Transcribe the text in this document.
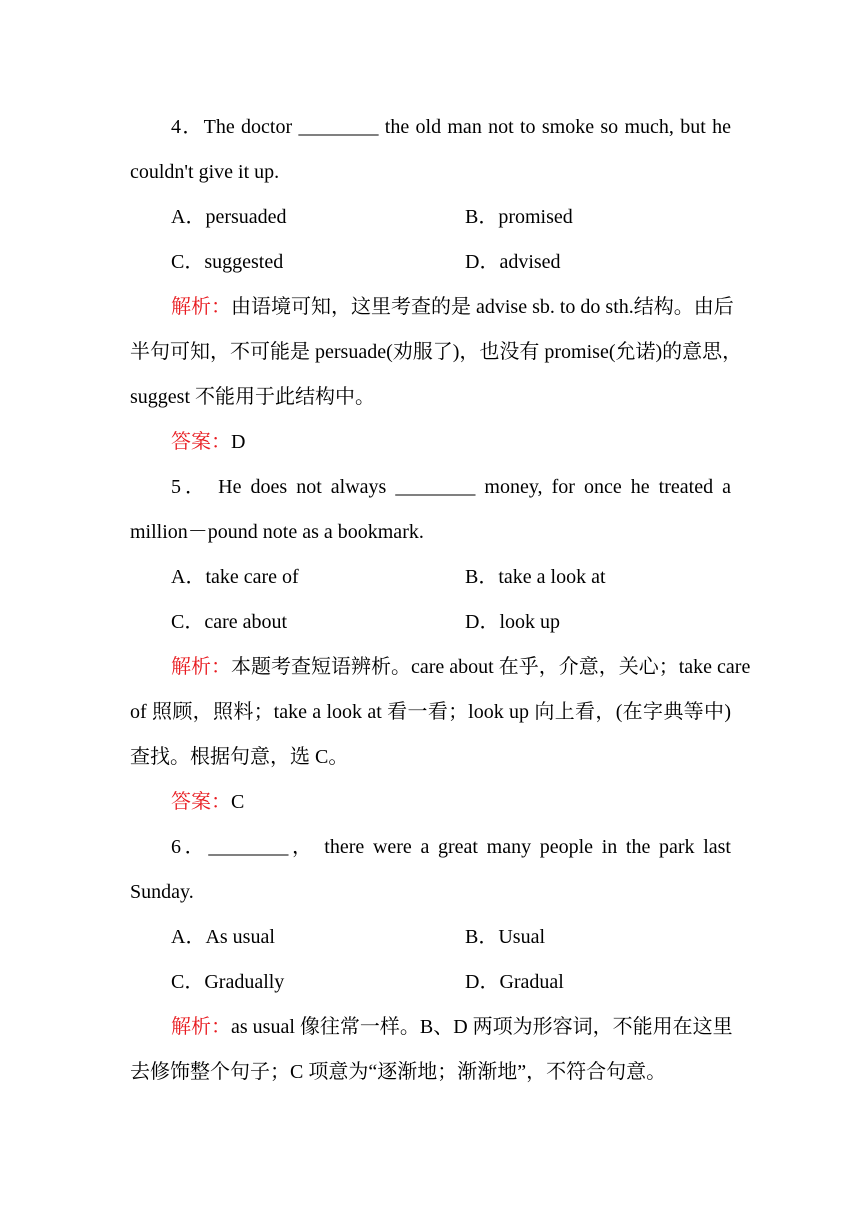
4．The doctor ________ the old man not to smoke so much, but he
couldn't give it up.
A．persuaded	B．promised
C．suggested	D．advised
解析：由语境可知，这里考查的是 advise sb. to do sth.结构。由后
半句可知，不可能是 persuade(劝服了)，也没有 promise(允诺)的意思，
suggest 不能用于此结构中。
答案：D
5． He does not always ________ money, for once he treated a
million－pound note as a bookmark.
A．take care of	B．take a look at
C．care about	D．look up
解析：本题考查短语辨析。care about 在乎，介意，关心；take care
of 照顾，照料；take a look at 看一看；look up 向上看，(在字典等中)
查找。根据句意，选 C。
答案：C
6．________， there were a great many people in the park last
Sunday.
A．As usual	B．Usual
C．Gradually	D．Gradual
解析：as usual 像往常一样。B、D 两项为形容词，不能用在这里
去修饰整个句子；C 项意为“逐渐地；渐渐地”，不符合句意。
